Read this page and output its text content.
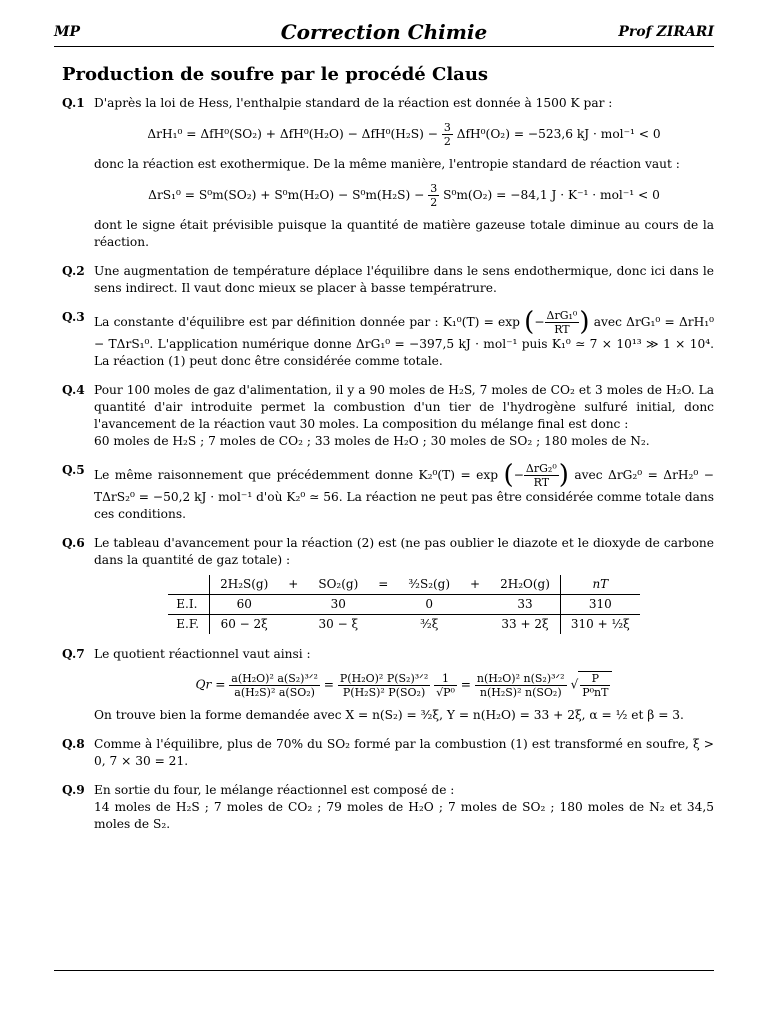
MP	Correction Chimie	Prof ZIRARI
Production de soufre par le procédé Claus
Q.1 D'après la loi de Hess, l'enthalpie standard de la réaction est donnée à 1500 K par :
$\Delta rH_1^0 = \Delta fH^0(SO_2) + \Delta fH^0(H_2O) - \Delta fH^0(H_2S) - \frac{3}{2} \Delta fH^0(O_2) = -523,6$ kJ · mol⁻¹ < 0
donc la réaction est exothermique. De la même manière, l'entropie standard de réaction vaut :
$\Delta rS_1^0 = S^0m(SO_2) + S^0m(H_2O) - S^0m(H_2S) - \frac{3}{2} S^0m(O_2) = -84,1$ J · K⁻¹ · mol⁻¹ < 0
dont le signe était prévisible puisque la quantité de matière gazeuse totale diminue au cours de la réaction.
Q.2 Une augmentation de température déplace l'équilibre dans le sens endothermique, donc ici dans le sens indirect. Il vaut donc mieux se placer à basse températrure.
Q.3 La constante d'équilibre est par définition donnée par : K₁⁰(T) = exp (− $\frac{\text{ΔrG₁⁰}}{RT}$ ) avec ΔrG₁⁰ = ΔrH₁⁰ − TΔrS₁⁰. L'application numérique donne ΔrG₁⁰ = −397,5 kJ · mol⁻¹ puis K₁⁰ ≃ 7 × 10¹³ ≫ 1 × 10⁴. La réaction (1) peut donc être considérée comme totale.
Q.4 Pour 100 moles de gaz d'alimentation, il y a 90 moles de H₂S, 7 moles de CO₂ et 3 moles de H₂O. La quantité d'air introduite permet la combustion d'un tier de l'hydrogène sulfuré initial, donc l'avancement de la réaction vaut 30 moles. La composition du mélange final est donc :
60 moles de H₂S ; 7 moles de CO₂ ; 33 moles de H₂O ; 30 moles de SO₂ ; 180 moles de N₂.
Q.5 Le même raisonnement que précédemment donne K₂⁰(T) = exp (− $\frac{\text{ΔrG₂⁰}}{RT}$ ) avec ΔrG₂⁰ = ΔrH₂⁰ − TΔrS₂⁰ = −50,2 kJ · mol⁻¹ d'où K₂⁰ ≃ 56. La réaction ne peut pas être considérée comme totale dans ces conditions.
Q.6 Le tableau d'avancement pour la réaction (2) est (ne pas oublier le diazote et le dioxyde de carbone dans la quantité de gaz totale) :
	2H₂S(g)	+	SO₂(g)	=	³⁄₂S₂(g)	+	2H₂O(g)	nT
E.I.	60		30		0		33	310
E.F.	60 − 2ξ		30 − ξ		³⁄₂ξ		33 + 2ξ	310 + ½ξ
Q.7 Le quotient réactionnel vaut ainsi :
$Qr = \frac{\text{a(H₂O)² a(S₂)³ᐟ²}}{\text{a(H₂S)² a(SO₂)}} = \frac{\text{P(H₂O)² P(S₂)³ᐟ²}}{\text{P(H₂S)² P(SO₂)}}$
$\frac{1}{\text{√P⁰}} = \frac{\text{n(H₂O)² n(S₂)³ᐟ²}}{\text{n(H₂S)² n(SO₂)}}$ √ $\frac{P}{\text{P⁰nT}}$
On trouve bien la forme demandée avec X = n(S₂) = ³⁄₂ξ, Y = n(H₂O) = 33 + 2ξ, α = ½ et β = 3.
Q.8 Comme à l'équilibre, plus de 70% du SO₂ formé par la combustion (1) est transformé en soufre, ξ > 0, 7 × 30 = 21.
Q.9 En sortie du four, le mélange réactionnel est composé de :
14 moles de H₂S ; 7 moles de CO₂ ; 79 moles de H₂O ; 7 moles de SO₂ ; 180 moles de N₂ et 34,5 moles de S₂.
